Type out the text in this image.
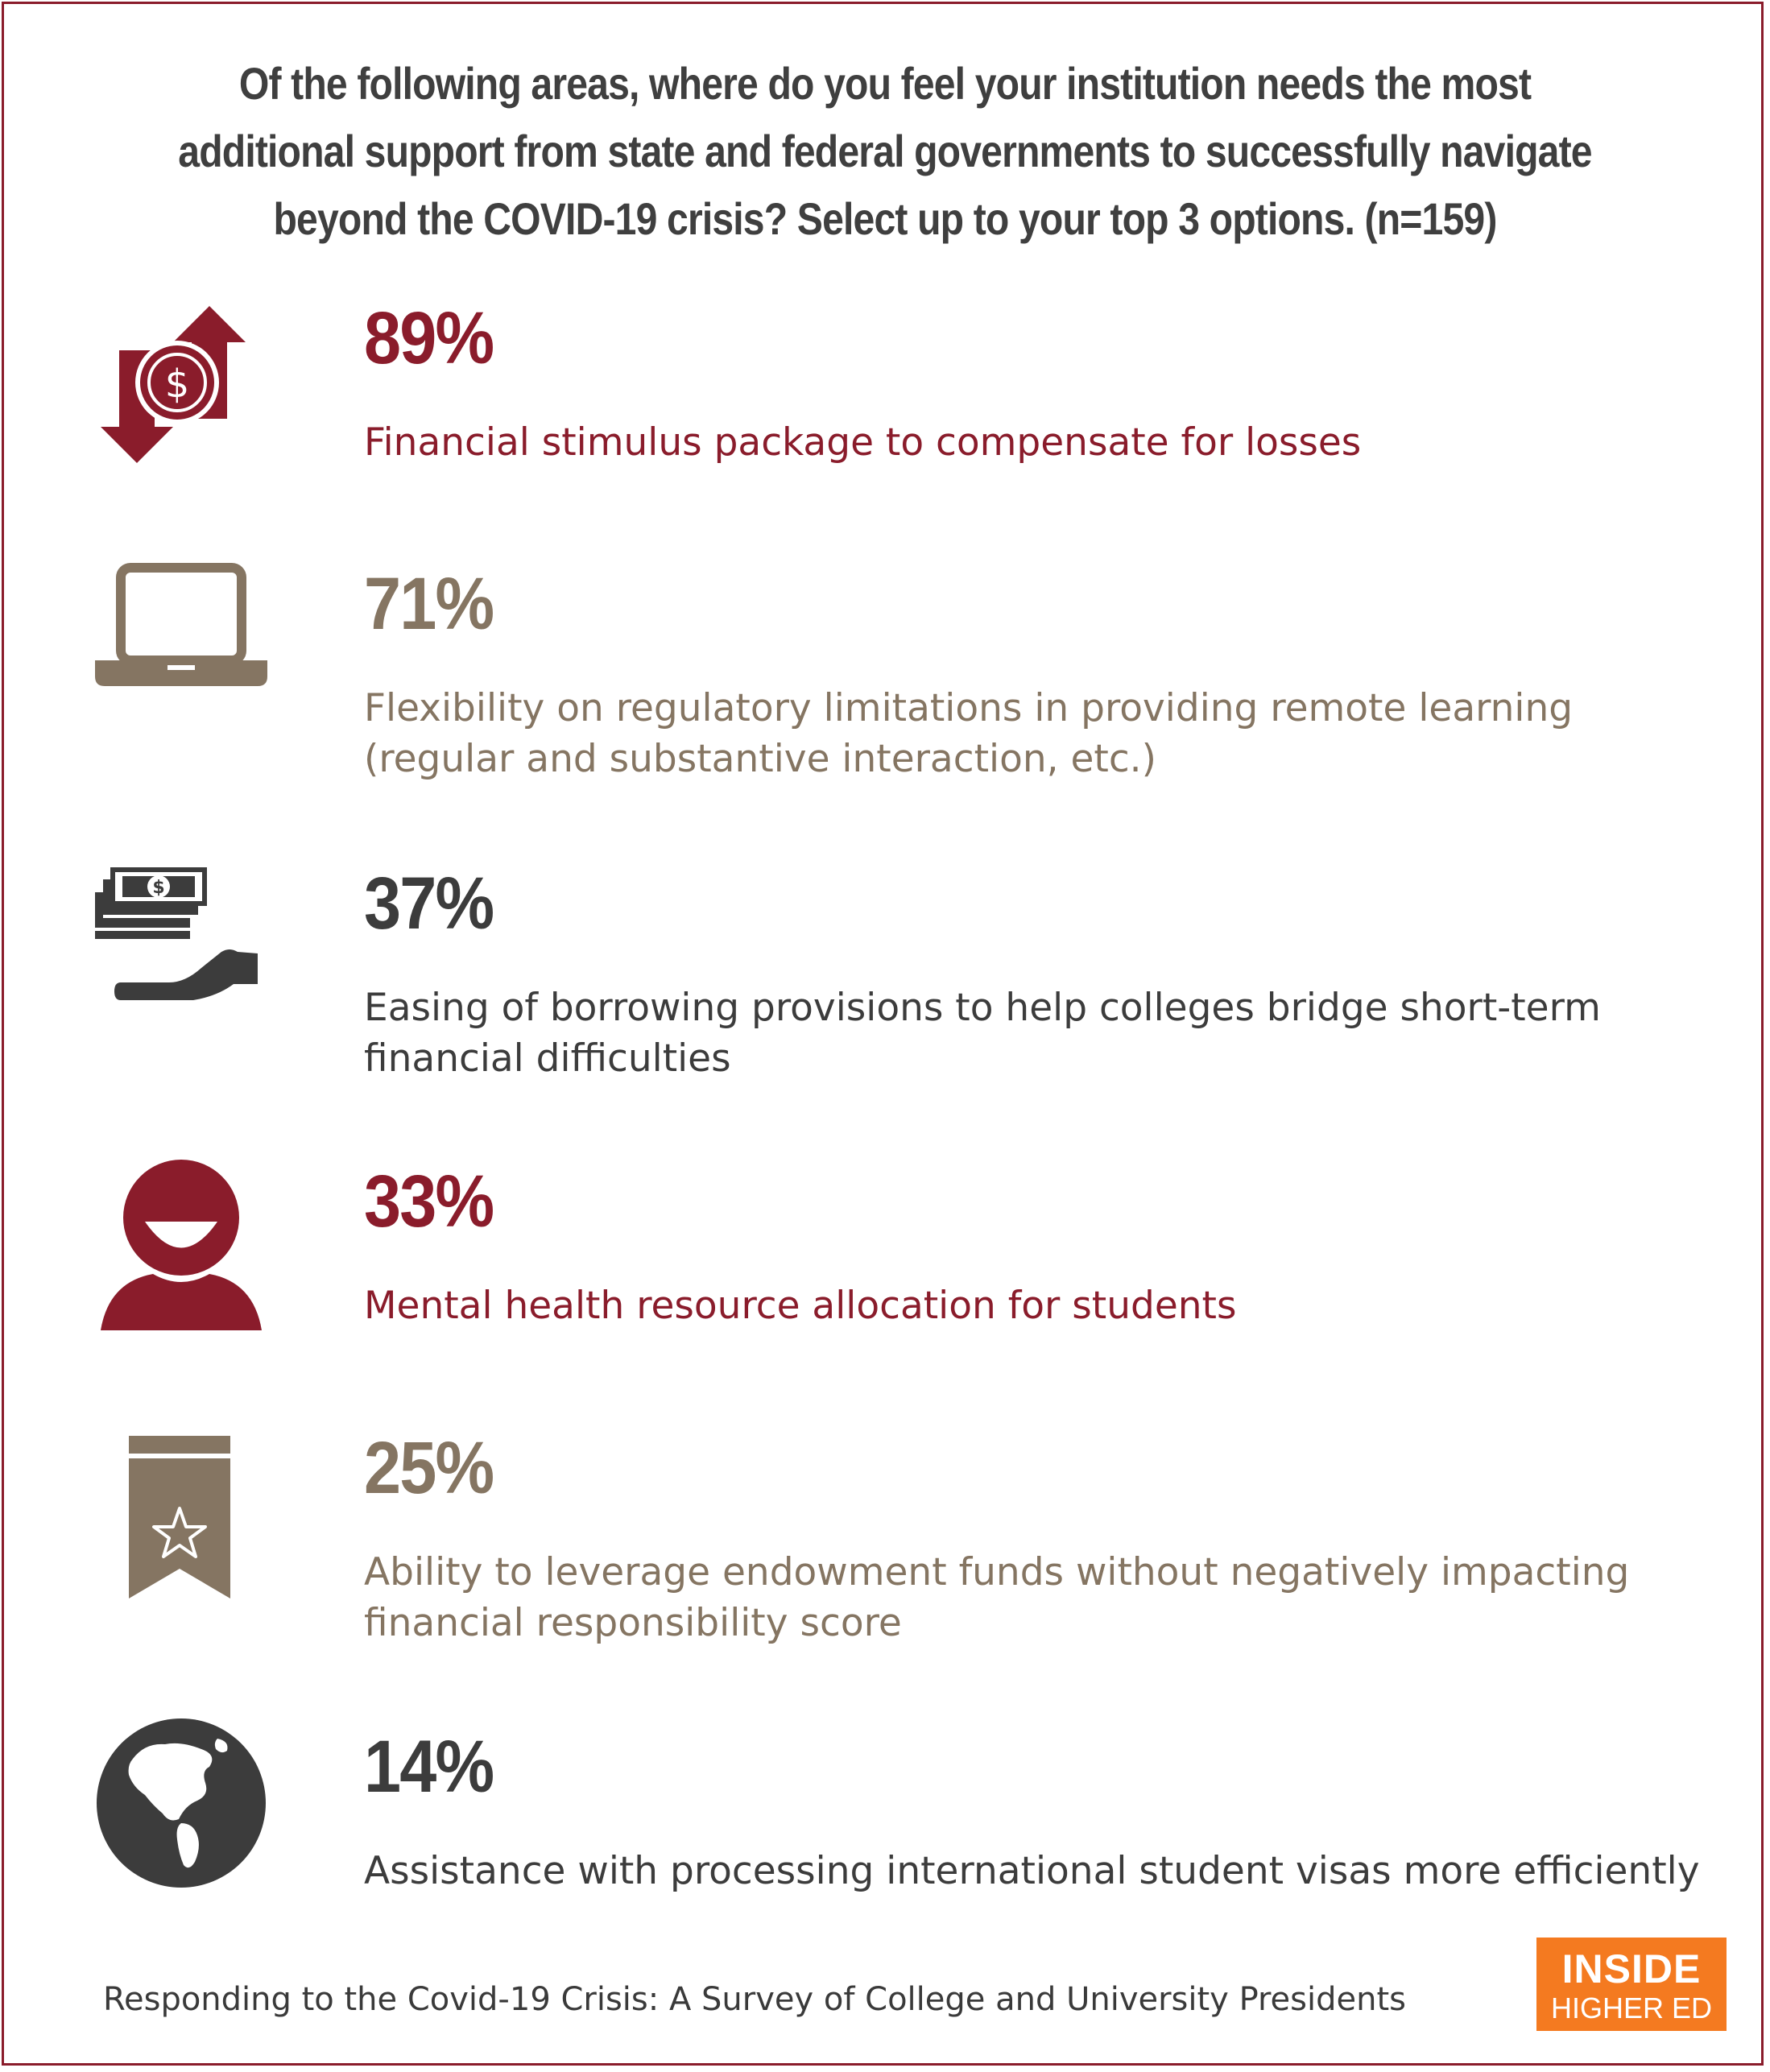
Of the following areas, where do you feel your institution needs the most additional support from state and federal governments to successfully navigate beyond the COVID-19 crisis? Select up to your top 3 options. (n=159)
$
89%
Financial stimulus package to compensate for losses
71%
Flexibility on regulatory limitations in providing remote learning
(regular and substantive interaction, etc.)
$	37%
Easing of borrowing provisions to help colleges bridge short-term
financial difficulties
33%
Mental health resource allocation for students
25%
Ability to leverage endowment funds without negatively impacting
financial responsibility score
14%
Assistance with processing international student visas more efficiently
Responding to the Covid-19 Crisis: A Survey of College and University Presidents
INSIDE
HIGHER ED
